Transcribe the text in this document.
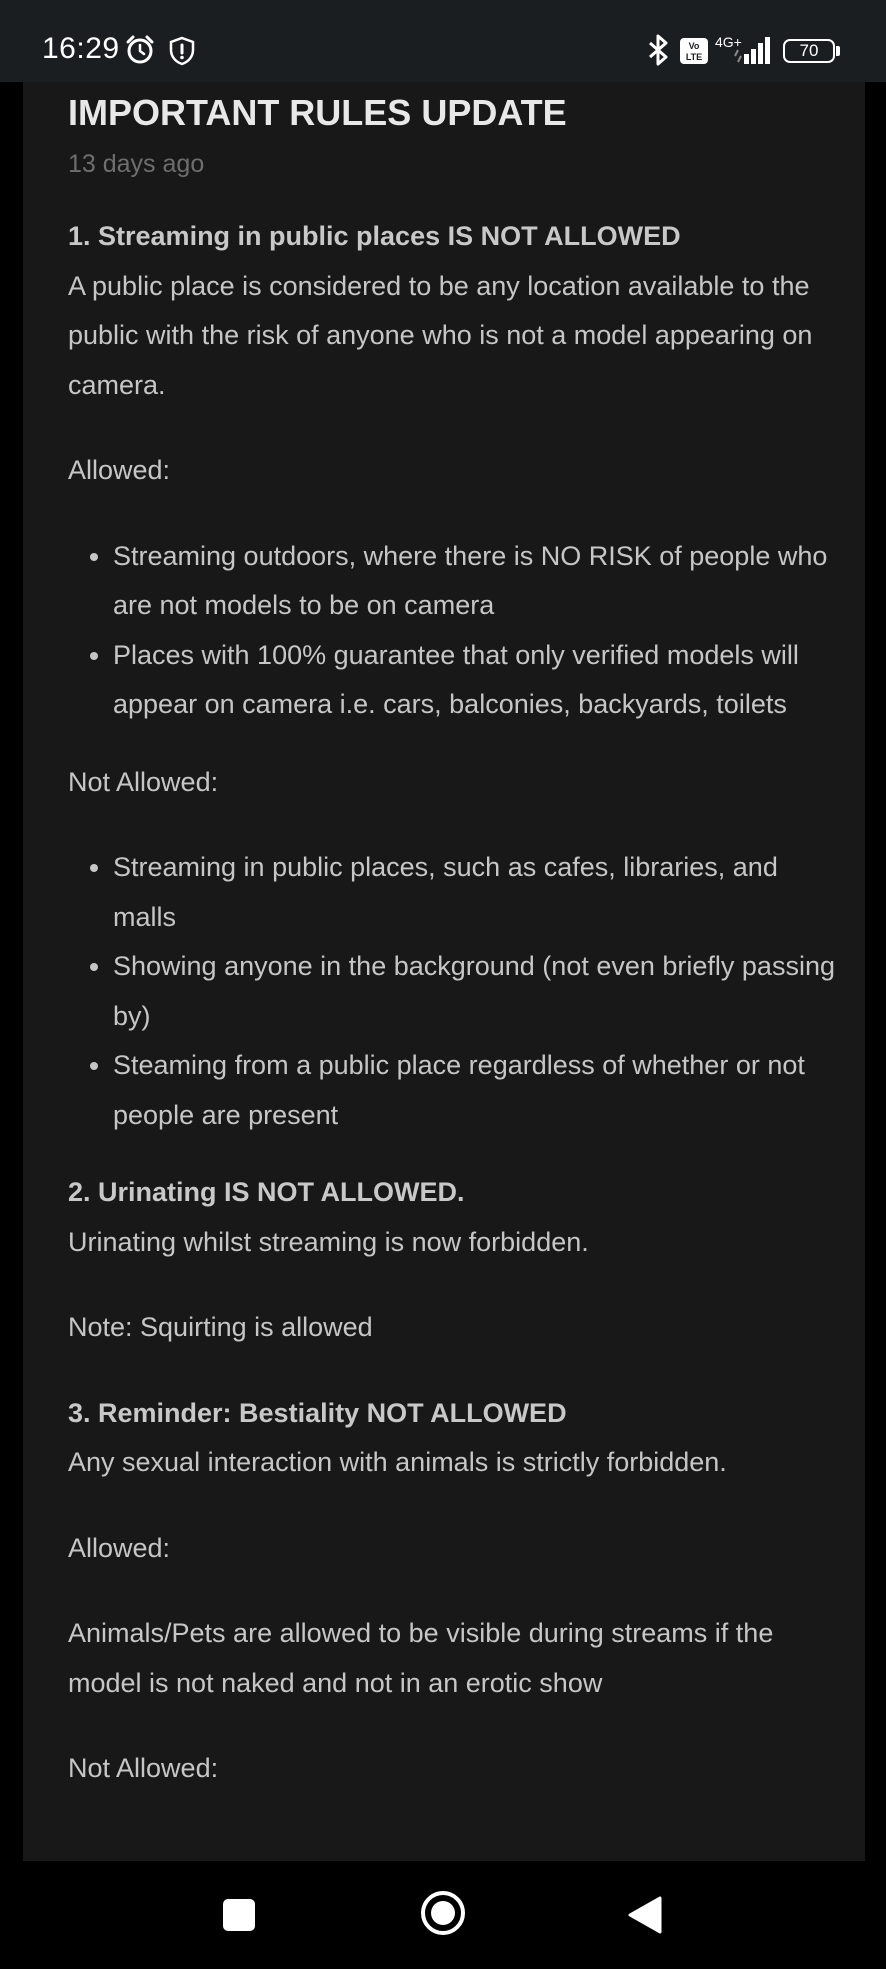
16:29	Vo
LTE
4G+	70
IMPORTANT RULES UPDATE
13 days ago

1. Streaming in public places IS NOT ALLOWED

A public place is considered to be any location available to the public with the risk of anyone who is not a model appearing on camera.

Allowed:

Streaming outdoors, where there is NO RISK of people who are not models to be on camera
Places with 100% guarantee that only verified models will appear on camera i.e. cars, balconies, backyards, toilets

Not Allowed:

Streaming in public places, such as cafes, libraries, and malls
Showing anyone in the background (not even briefly passing by)
Steaming from a public place regardless of whether or not people are present

2. Urinating IS NOT ALLOWED.

Urinating whilst streaming is now forbidden.

Note: Squirting is allowed

3. Reminder: Bestiality NOT ALLOWED

Any sexual interaction with animals is strictly forbidden.

Allowed:

Animals/Pets are allowed to be visible during streams if the model is not naked and not in an erotic show

Not Allowed:
